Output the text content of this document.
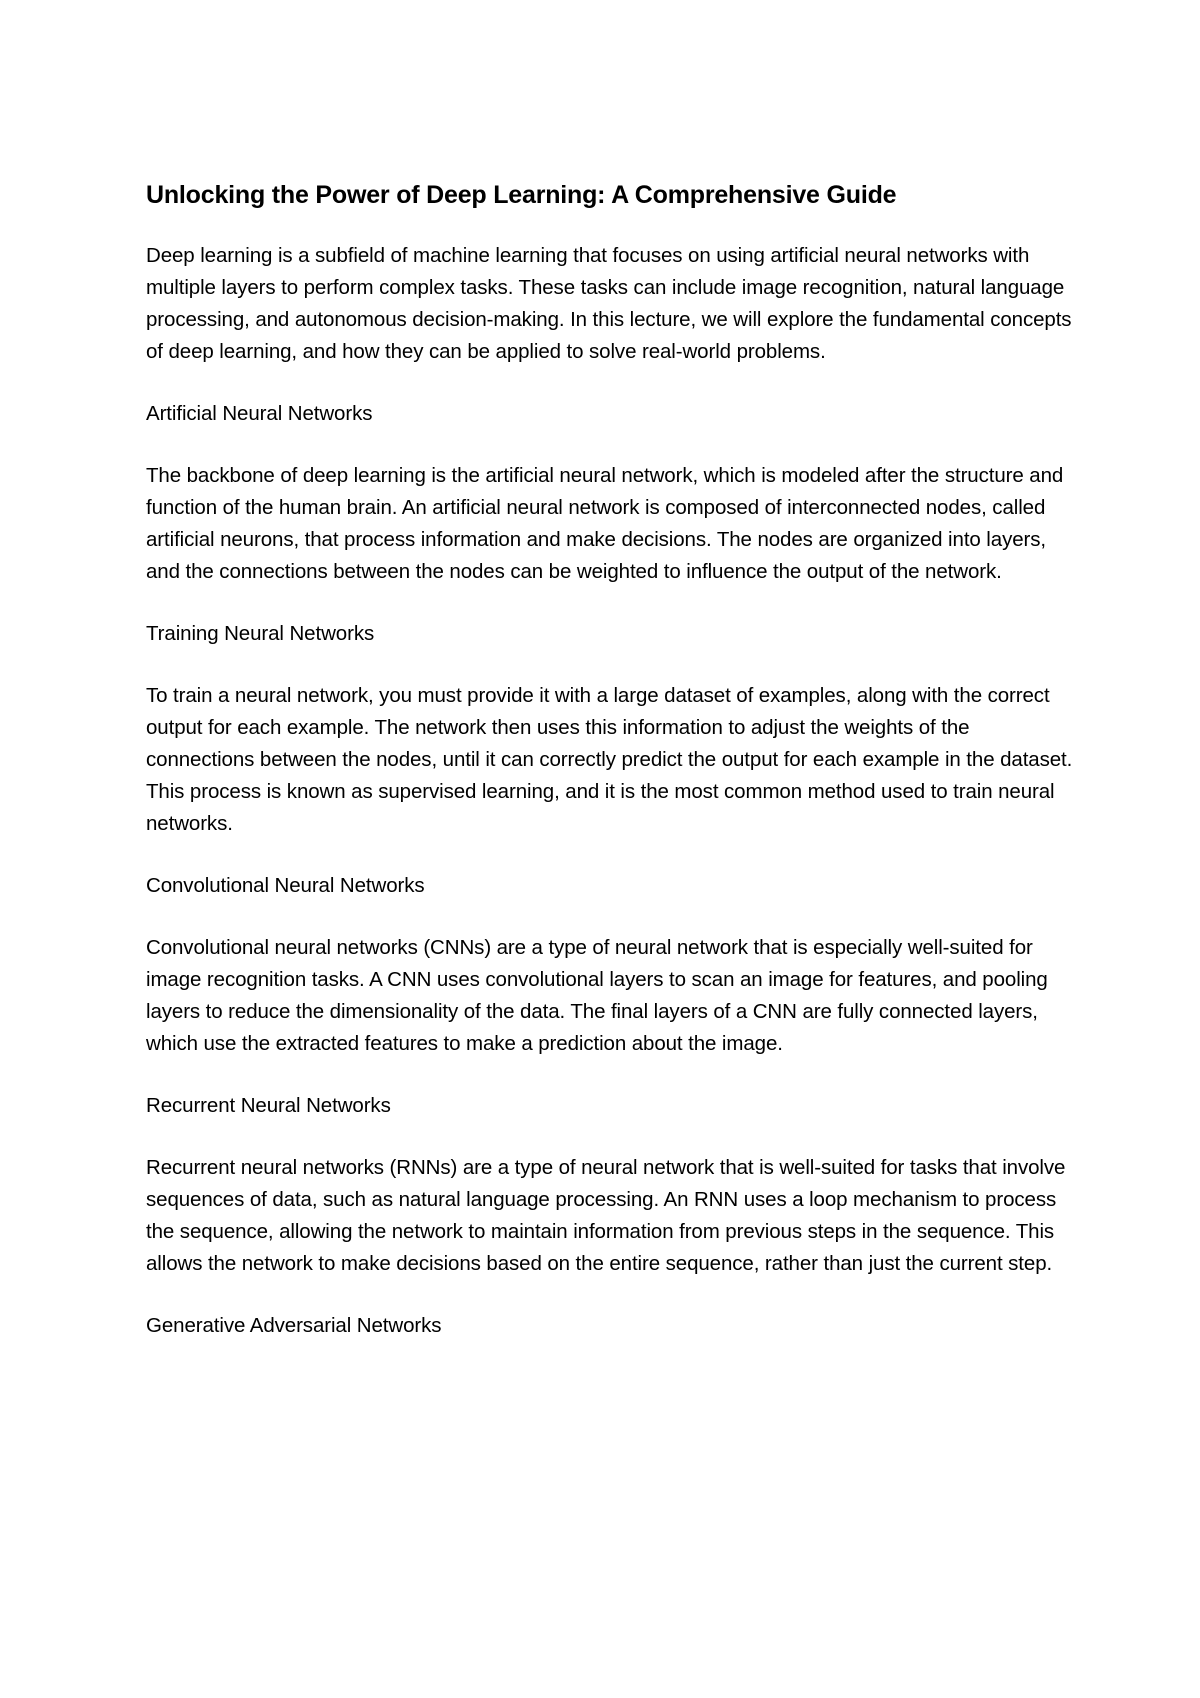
Unlocking the Power of Deep Learning: A Comprehensive Guide

Deep learning is a subfield of machine learning that focuses on using artificial neural networks with multiple layers to perform complex tasks. These tasks can include image recognition, natural language processing, and autonomous decision-making. In this lecture, we will explore the fundamental concepts of deep learning, and how they can be applied to solve real-world problems.

Artificial Neural Networks

The backbone of deep learning is the artificial neural network, which is modeled after the structure and function of the human brain. An artificial neural network is composed of interconnected nodes, called artificial neurons, that process information and make decisions. The nodes are organized into layers, and the connections between the nodes can be weighted to influence the output of the network.

Training Neural Networks

To train a neural network, you must provide it with a large dataset of examples, along with the correct output for each example. The network then uses this information to adjust the weights of the connections between the nodes, until it can correctly predict the output for each example in the dataset. This process is known as supervised learning, and it is the most common method used to train neural networks.

Convolutional Neural Networks

Convolutional neural networks (CNNs) are a type of neural network that is especially well-suited for image recognition tasks. A CNN uses convolutional layers to scan an image for features, and pooling layers to reduce the dimensionality of the data. The final layers of a CNN are fully connected layers, which use the extracted features to make a prediction about the image.

Recurrent Neural Networks

Recurrent neural networks (RNNs) are a type of neural network that is well-suited for tasks that involve sequences of data, such as natural language processing. An RNN uses a loop mechanism to process the sequence, allowing the network to maintain information from previous steps in the sequence. This allows the network to make decisions based on the entire sequence, rather than just the current step.

Generative Adversarial Networks
